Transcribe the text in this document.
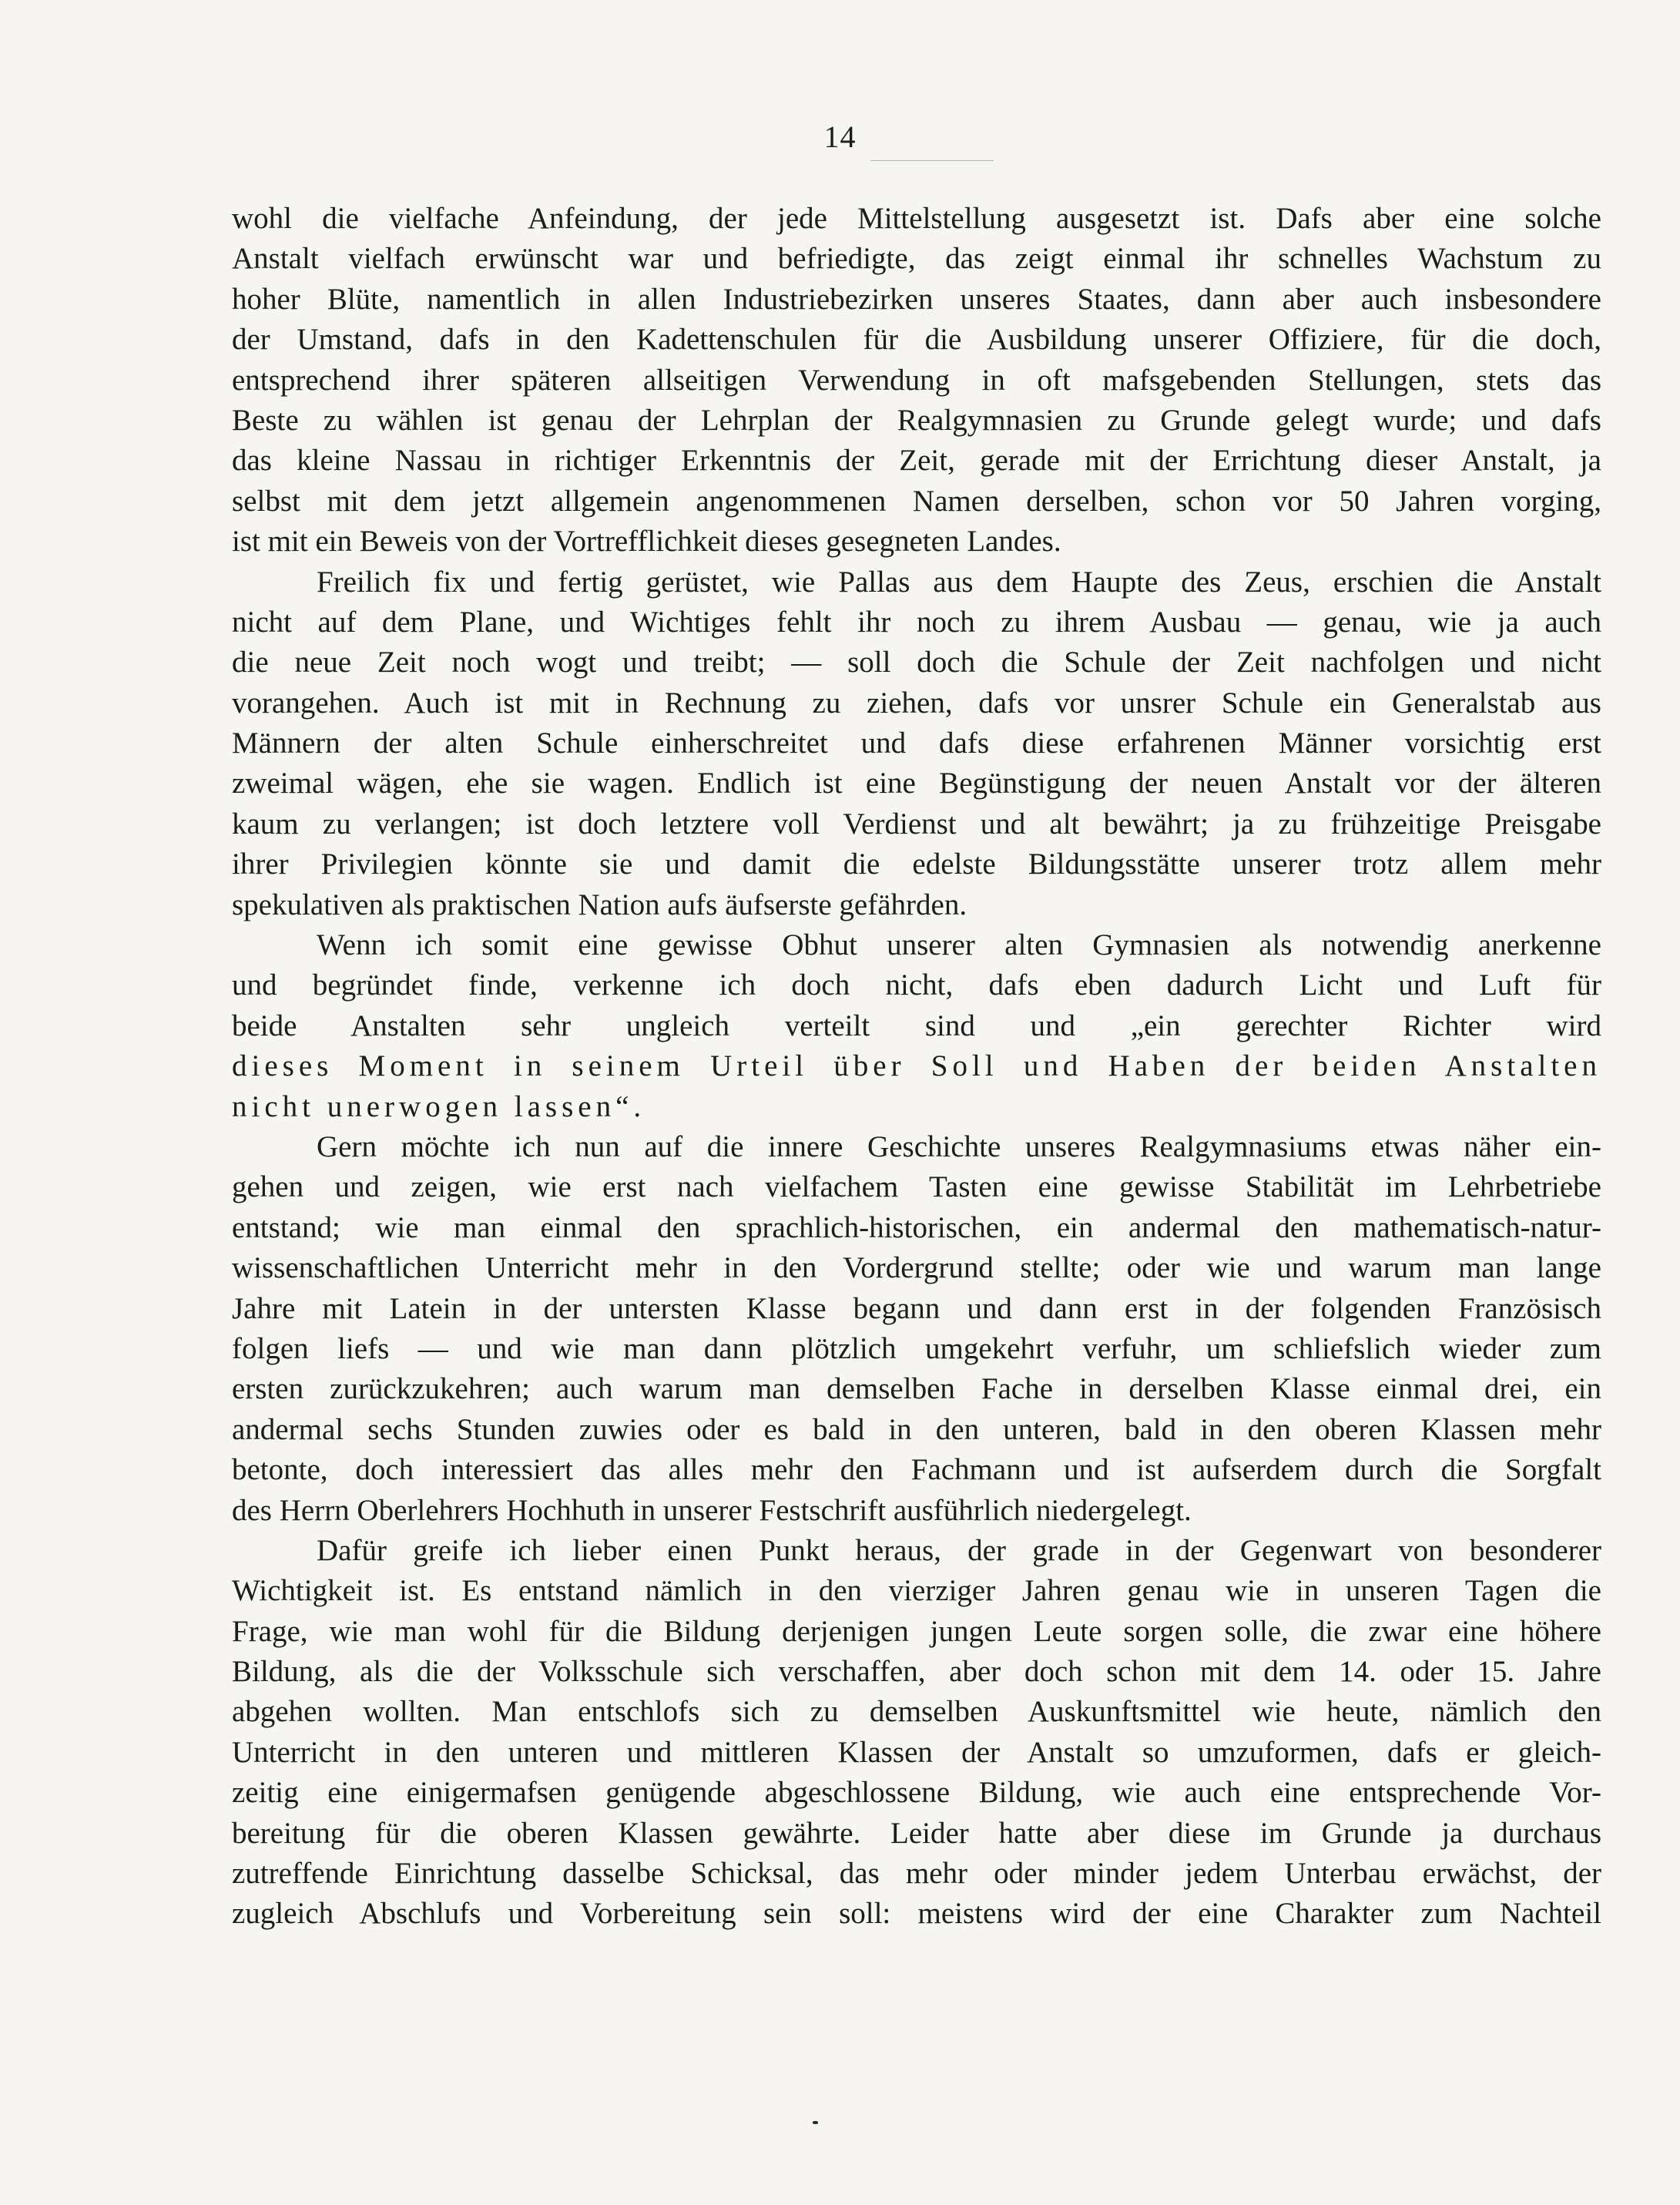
14
wohl die vielfache Anfeindung, der jede Mittelstellung ausgesetzt ist. Dafs aber eine solche
Anstalt vielfach erwünscht war und befriedigte, das zeigt einmal ihr schnelles Wachstum zu
hoher Blüte, namentlich in allen Industriebezirken unseres Staates, dann aber auch insbesondere
der Umstand, dafs in den Kadettenschulen für die Ausbildung unserer Offiziere, für die doch,
entsprechend ihrer späteren allseitigen Verwendung in oft mafsgebenden Stellungen, stets das
Beste zu wählen ist genau der Lehrplan der Realgymnasien zu Grunde gelegt wurde; und dafs
das kleine Nassau in richtiger Erkenntnis der Zeit, gerade mit der Errichtung dieser Anstalt, ja
selbst mit dem jetzt allgemein angenommenen Namen derselben, schon vor 50 Jahren vorging,
ist mit ein Beweis von der Vortrefflichkeit dieses gesegneten Landes.
Freilich fix und fertig gerüstet, wie Pallas aus dem Haupte des Zeus, erschien die Anstalt
nicht auf dem Plane, und Wichtiges fehlt ihr noch zu ihrem Ausbau — genau, wie ja auch
die neue Zeit noch wogt und treibt; — soll doch die Schule der Zeit nachfolgen und nicht
vorangehen. Auch ist mit in Rechnung zu ziehen, dafs vor unsrer Schule ein Generalstab aus
Männern der alten Schule einherschreitet und dafs diese erfahrenen Männer vorsichtig erst
zweimal wägen, ehe sie wagen. Endlich ist eine Begünstigung der neuen Anstalt vor der älteren
kaum zu verlangen; ist doch letztere voll Verdienst und alt bewährt; ja zu frühzeitige Preisgabe
ihrer Privilegien könnte sie und damit die edelste Bildungsstätte unserer trotz allem mehr
spekulativen als praktischen Nation aufs äufserste gefährden.
Wenn ich somit eine gewisse Obhut unserer alten Gymnasien als notwendig anerkenne
und begründet finde, verkenne ich doch nicht, dafs eben dadurch Licht und Luft für
beide Anstalten sehr ungleich verteilt sind und „ein gerechter Richter wird
dieses Moment in seinem Urteil über Soll und Haben der beiden Anstalten
nicht unerwogen lassen“.
Gern möchte ich nun auf die innere Geschichte unseres Realgymnasiums etwas näher ein-
gehen und zeigen, wie erst nach vielfachem Tasten eine gewisse Stabilität im Lehrbetriebe
entstand; wie man einmal den sprachlich-historischen, ein andermal den mathematisch-natur-
wissenschaftlichen Unterricht mehr in den Vordergrund stellte; oder wie und warum man lange
Jahre mit Latein in der untersten Klasse begann und dann erst in der folgenden Französisch
folgen liefs — und wie man dann plötzlich umgekehrt verfuhr, um schliefslich wieder zum
ersten zurückzukehren; auch warum man demselben Fache in derselben Klasse einmal drei, ein
andermal sechs Stunden zuwies oder es bald in den unteren, bald in den oberen Klassen mehr
betonte, doch interessiert das alles mehr den Fachmann und ist aufserdem durch die Sorgfalt
des Herrn Oberlehrers Hochhuth in unserer Festschrift ausführlich niedergelegt.
Dafür greife ich lieber einen Punkt heraus, der grade in der Gegenwart von besonderer
Wichtigkeit ist. Es entstand nämlich in den vierziger Jahren genau wie in unseren Tagen die
Frage, wie man wohl für die Bildung derjenigen jungen Leute sorgen solle, die zwar eine höhere
Bildung, als die der Volksschule sich verschaffen, aber doch schon mit dem 14. oder 15. Jahre
abgehen wollten. Man entschlofs sich zu demselben Auskunftsmittel wie heute, nämlich den
Unterricht in den unteren und mittleren Klassen der Anstalt so umzuformen, dafs er gleich-
zeitig eine einigermafsen genügende abgeschlossene Bildung, wie auch eine entsprechende Vor-
bereitung für die oberen Klassen gewährte. Leider hatte aber diese im Grunde ja durchaus
zutreffende Einrichtung dasselbe Schicksal, das mehr oder minder jedem Unterbau erwächst, der
zugleich Abschlufs und Vorbereitung sein soll: meistens wird der eine Charakter zum Nachteil
